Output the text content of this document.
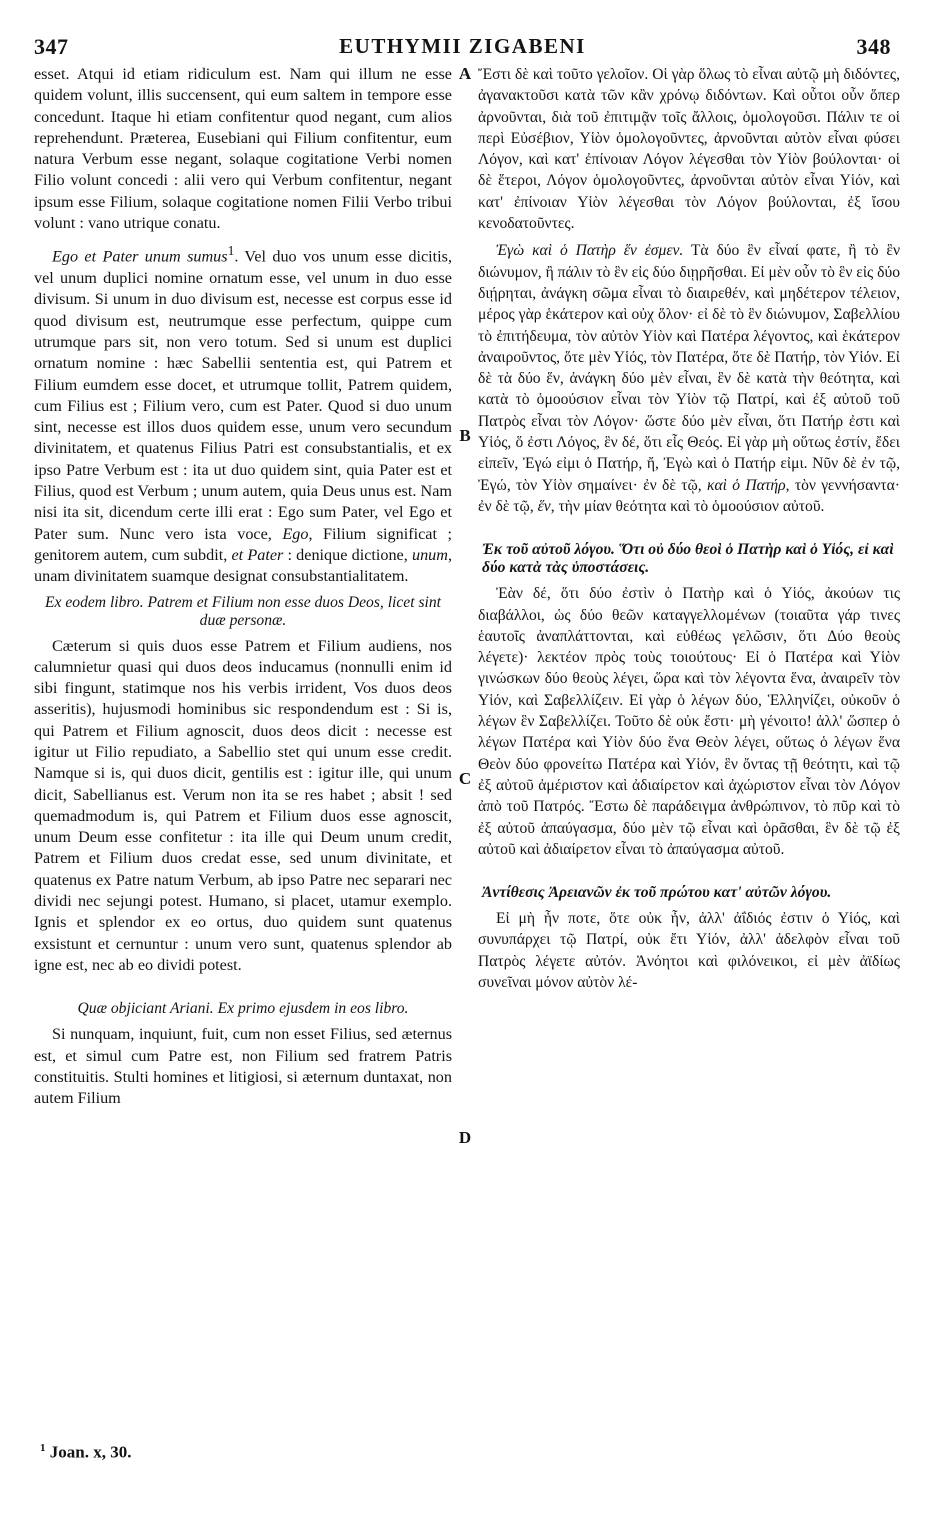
347	EUTHYMII ZIGABENI	348

esset. Atqui id etiam ridiculum est. Nam qui illum ne esse quidem volunt, illis succensent, qui eum saltem in tempore esse concedunt. Itaque hi etiam confitentur quod negant, cum alios reprehendunt. Præterea, Eusebiani qui Filium confitentur, eum natura Verbum esse negant, solaque cogitatione Verbi nomen Filio volunt concedi : alii vero qui Verbum confitentur, negant ipsum esse Filium, solaque cogitatione nomen Filii Verbo tribui volunt : vano utrique conatu.

Ego et Pater unum sumus$^1$. Vel duo vos unum esse dicitis, vel unum duplici nomine ornatum esse, vel unum in duo esse divisum. Si unum in duo divisum est, necesse est corpus esse id quod divisum est, neutrumque esse perfectum, quippe cum utrumque pars sit, non vero totum. Sed si unum est duplici ornatum nomine : hæc Sabellii sententia est, qui Patrem et Filium eumdem esse docet, et utrumque tollit, Patrem quidem, cum Filius est ; Filium vero, cum est Pater. Quod si duo unum sint, necesse est illos duos quidem esse, unum vero secundum divinitatem, et quatenus Filius Patri est consubstantialis, et ex ipso Patre Verbum est : ita ut duo quidem sint, quia Pater est et Filius, quod est Verbum ; unum autem, quia Deus unus est. Nam nisi ita sit, dicendum certe illi erat : Ego sum Pater, vel Ego et Pater sum. Nunc vero ista voce, Ego, Filium significat ; genitorem autem, cum subdit, et Pater : denique dictione, unum, unam divinitatem suamque designat consubstantialitatem.

Ex eodem libro. Patrem et Filium non esse duos Deos, licet sint duæ personæ.

Cæterum si quis duos esse Patrem et Filium audiens, nos calumnietur quasi qui duos deos inducamus (nonnulli enim id sibi fingunt, statimque nos his verbis irrident, Vos duos deos asseritis), hujusmodi hominibus sic respondendum est : Si is, qui Patrem et Filium agnoscit, duos deos dicit : necesse est igitur ut Filio repudiato, a Sabellio stet qui unum esse credit. Namque si is, qui duos dicit, gentilis est : igitur ille, qui unum dicit, Sabellianus est. Verum non ita se res habet ; absit ! sed quemadmodum is, qui Patrem et Filium duos esse agnoscit, unum Deum esse confitetur : ita ille qui Deum unum credit, Patrem et Filium duos credat esse, sed unum divinitate, et quatenus ex Patre natum Verbum, ab ipso Patre nec separari nec dividi nec sejungi potest. Humano, si placet, utamur exemplo. Ignis et splendor ex eo ortus, duo quidem sunt quatenus exsistunt et cernuntur : unum vero sunt, quatenus splendor ab igne est, nec ab eo dividi potest.

Quæ objiciant Ariani. Ex primo ejusdem in eos libro.

Si nunquam, inquiunt, fuit, cum non esset Filius, sed æternus est, et simul cum Patre est, non Filium sed fratrem Patris constituitis. Stulti homines et litigiosi, si æternum duntaxat, non autem Filium

A
B
C
D

Ἔστι δὲ καὶ τοῦτο γελοῖον. Οἱ γὰρ ὅλως τὸ εἶναι αὐτῷ μὴ διδόντες, ἀγανακτοῦσι κατὰ τῶν κἂν χρόνῳ διδόντων. Καὶ οὗτοι οὖν ὅπερ ἀρνοῦνται, διὰ τοῦ ἐπιτιμᾷν τοῖς ἄλλοις, ὁμολογοῦσι. Πάλιν τε οἱ περὶ Εὐσέβιον, Υἱὸν ὁμολογοῦντες, ἀρνοῦνται αὐτὸν εἶναι φύσει Λόγον, καὶ κατ' ἐπίνοιαν Λόγον λέγεσθαι τὸν Υἱὸν βούλονται· οἱ δὲ ἕτεροι, Λόγον ὁμολογοῦντες, ἀρνοῦνται αὐτὸν εἶναι Υἱόν, καὶ κατ' ἐπίνοιαν Υἱὸν λέγεσθαι τὸν Λόγον βούλονται, ἐξ ἴσου κενοδατοῦντες.

Ἐγὼ καὶ ὁ Πατὴρ ἕν ἐσμεν. Τὰ δύο ἓν εἶναί φατε, ἢ τὸ ἓν διώνυμον, ἢ πάλιν τὸ ἓν εἰς δύο διῃρῆσθαι. Εἰ μὲν οὖν τὸ ἓν εἰς δύο διῄρηται, ἀνάγκη σῶμα εἶναι τὸ διαιρεθέν, καὶ μηδέτερον τέλειον, μέρος γὰρ ἑκάτερον καὶ οὐχ ὅλον· εἰ δὲ τὸ ἓν διώνυμον, Σαβελλίου τὸ ἐπιτήδευμα, τὸν αὐτὸν Υἱὸν καὶ Πατέρα λέγοντος, καὶ ἑκάτερον ἀναιροῦντος, ὅτε μὲν Υἱός, τὸν Πατέρα, ὅτε δὲ Πατήρ, τὸν Υἱόν. Εἰ δὲ τὰ δύο ἕν, ἀνάγκη δύο μὲν εἶναι, ἓν δὲ κατὰ τὴν θεότητα, καὶ κατὰ τὸ ὁμοούσιον εἶναι τὸν Υἱὸν τῷ Πατρί, καὶ ἐξ αὐτοῦ τοῦ Πατρὸς εἶναι τὸν Λόγον· ὥστε δύο μὲν εἶναι, ὅτι Πατήρ ἐστι καὶ Υἱός, ὅ ἐστι Λόγος, ἓν δέ, ὅτι εἷς Θεός. Εἰ γὰρ μὴ οὕτως ἐστίν, ἔδει εἰπεῖν, Ἐγώ εἰμι ὁ Πατήρ, ἤ, Ἐγὼ καὶ ὁ Πατήρ εἰμι. Νῦν δὲ ἐν τῷ, Ἐγώ, τὸν Υἱὸν σημαίνει· ἐν δὲ τῷ, καὶ ὁ Πατήρ, τὸν γεννήσαντα· ἐν δὲ τῷ, ἕν, τὴν μίαν θεότητα καὶ τὸ ὁμοούσιον αὐτοῦ.

Ἐκ τοῦ αὐτοῦ λόγου. Ὅτι οὐ δύο θεοὶ ὁ Πατὴρ καὶ ὁ Υἱός, εἰ καὶ δύο κατὰ τὰς ὑποστάσεις.

Ἐὰν δέ, ὅτι δύο ἐστὶν ὁ Πατὴρ καὶ ὁ Υἱός, ἀκούων τις διαβάλλοι, ὡς δύο θεῶν καταγγελλομένων (τοιαῦτα γάρ τινες ἑαυτοῖς ἀναπλάττονται, καὶ εὐθέως γελῶσιν, ὅτι Δύο θεοὺς λέγετε)· λεκτέον πρὸς τοὺς τοιούτους· Εἰ ὁ Πατέρα καὶ Υἱὸν γινώσκων δύο θεοὺς λέγει, ὥρα καὶ τὸν λέγοντα ἕνα, ἀναιρεῖν τὸν Υἱόν, καὶ Σαβελλίζειν. Εἰ γὰρ ὁ λέγων δύο, Ἑλληνίζει, οὐκοῦν ὁ λέγων ἓν Σαβελλίζει. Τοῦτο δὲ οὐκ ἔστι· μὴ γένοιτο! ἀλλ' ὥσπερ ὁ λέγων Πατέρα καὶ Υἱὸν δύο ἕνα Θεὸν λέγει, οὕτως ὁ λέγων ἕνα Θεὸν δύο φρονείτω Πατέρα καὶ Υἱόν, ἓν ὄντας τῇ θεότητι, καὶ τῷ ἐξ αὐτοῦ ἀμέριστον καὶ ἀδιαίρετον καὶ ἀχώριστον εἶναι τὸν Λόγον ἀπὸ τοῦ Πατρός. Ἔστω δὲ παράδειγμα ἀνθρώπινον, τὸ πῦρ καὶ τὸ ἐξ αὐτοῦ ἀπαύγασμα, δύο μὲν τῷ εἶναι καὶ ὁρᾶσθαι, ἓν δὲ τῷ ἐξ αὐτοῦ καὶ ἀδιαίρετον εἶναι τὸ ἀπαύγασμα αὐτοῦ.

Ἀντίθεσις Ἀρειανῶν ἐκ τοῦ πρώτου κατ' αὐτῶν λόγου.

Εἰ μὴ ἦν ποτε, ὅτε οὐκ ἦν, ἀλλ' ἀΐδιός ἐστιν ὁ Υἱός, καὶ συνυπάρχει τῷ Πατρί, οὐκ ἔτι Υἱόν, ἀλλ' ἀδελφὸν εἶναι τοῦ Πατρὸς λέγετε αὐτόν. Ἀνόητοι καὶ φιλόνεικοι, εἰ μὲν ἀϊδίως συνεῖναι μόνον αὐτὸν λέ-

$^1$ Joan. x, 30.
